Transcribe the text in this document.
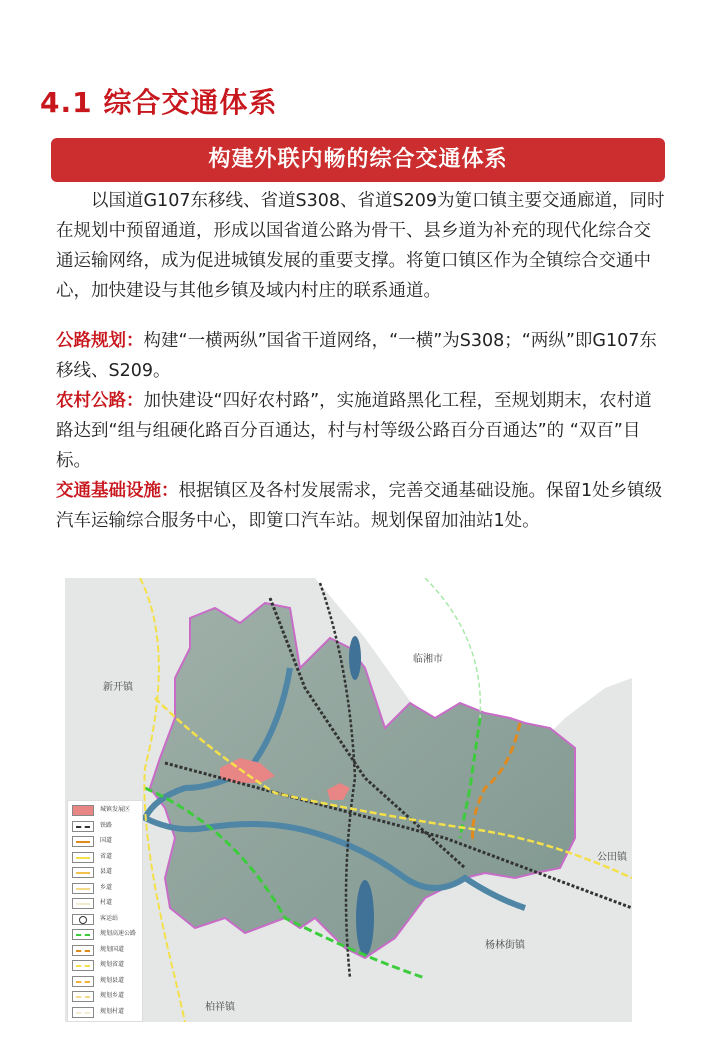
4.1 综合交通体系
构建外联内畅的综合交通体系

以国道G107东移线、省道S308、省道S209为筻口镇主要交通廊道，同时在规划中预留通道，形成以国省道公路为骨干、县乡道为补充的现代化综合交通运输网络，成为促进城镇发展的重要支撑。将筻口镇区作为全镇综合交通中心，加快建设与其他乡镇及域内村庄的联系通道。

公路规划：构建“一横两纵”国省干道网络，“一横”为S308；“两纵”即G107东移线、S209。

农村公路：加快建设“四好农村路”，实施道路黑化工程，至规划期末，农村道路达到“组与组硬化路百分百通达，村与村等级公路百分百通达”的 “双百”目标。

交通基础设施：根据镇区及各村发展需求，完善交通基础设施。保留1处乡镇级汽车运输综合服务中心，即筻口汽车站。规划保留加油站1处。

新开镇
临湘市
公田镇
杨林街镇
柏祥镇
城镇发展区
铁路
国道
省道
县道
乡道
村道
客运站
规划高速公路
规划国道
规划省道
规划县道
规划乡道
规划村道
